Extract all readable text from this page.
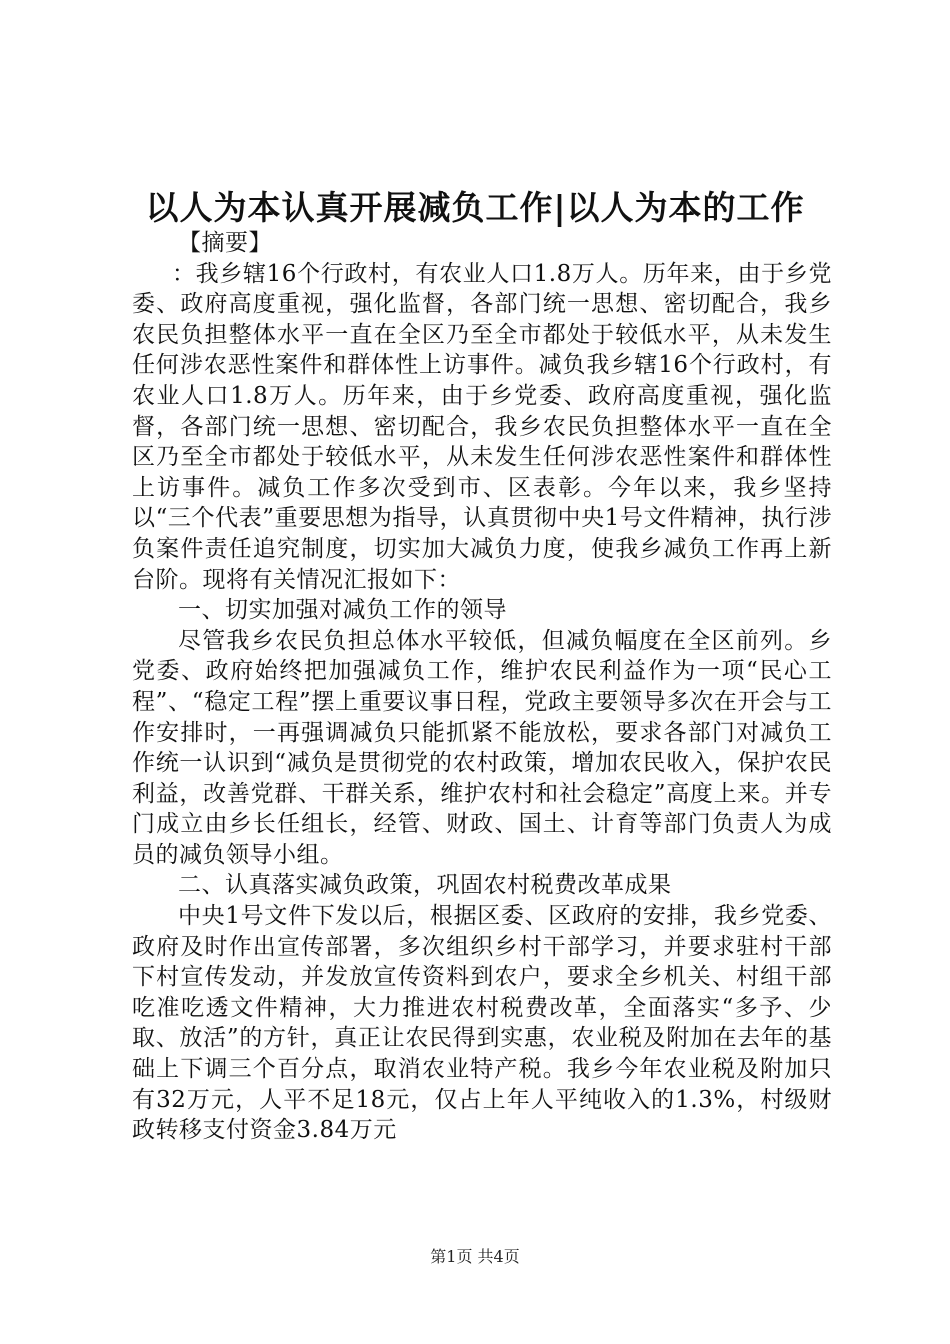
以人为本认真开展减负工作|以人为本的工作

【摘要】

：我乡辖16个行政村，有农业人口1.8万人。历年来，由于乡党委、政府高度重视，强化监督，各部门统一思想、密切配合，我乡农民负担整体水平一直在全区乃至全市都处于较低水平，从未发生任何涉农恶性案件和群体性上访事件。减负我乡辖16个行政村，有农业人口1.8万人。历年来，由于乡党委、政府高度重视，强化监督，各部门统一思想、密切配合，我乡农民负担整体水平一直在全区乃至全市都处于较低水平，从未发生任何涉农恶性案件和群体性上访事件。减负工作多次受到市、区表彰。今年以来，我乡坚持以“三个代表”重要思想为指导，认真贯彻中央1号文件精神，执行涉负案件责任追究制度，切实加大减负力度，使我乡减负工作再上新台阶。现将有关情况汇报如下：

一、切实加强对减负工作的领导

尽管我乡农民负担总体水平较低，但减负幅度在全区前列。乡党委、政府始终把加强减负工作，维护农民利益作为一项“民心工程”、“稳定工程”摆上重要议事日程，党政主要领导多次在开会与工作安排时，一再强调减负只能抓紧不能放松，要求各部门对减负工作统一认识到“减负是贯彻党的农村政策，增加农民收入，保护农民利益，改善党群、干群关系，维护农村和社会稳定”高度上来。并专门成立由乡长任组长，经管、财政、国土、计育等部门负责人为成员的减负领导小组。

二、认真落实减负政策，巩固农村税费改革成果

中央1号文件下发以后，根据区委、区政府的安排，我乡党委、政府及时作出宣传部署，多次组织乡村干部学习，并要求驻村干部下村宣传发动，并发放宣传资料到农户，要求全乡机关、村组干部吃准吃透文件精神，大力推进农村税费改革，全面落实“多予、少取、放活”的方针，真正让农民得到实惠，农业税及附加在去年的基础上下调三个百分点，取消农业特产税。我乡今年农业税及附加只有32万元，人平不足18元，仅占上年人平纯收入的1.3%，村级财政转移支付资金3.84万元

第1页 共4页
